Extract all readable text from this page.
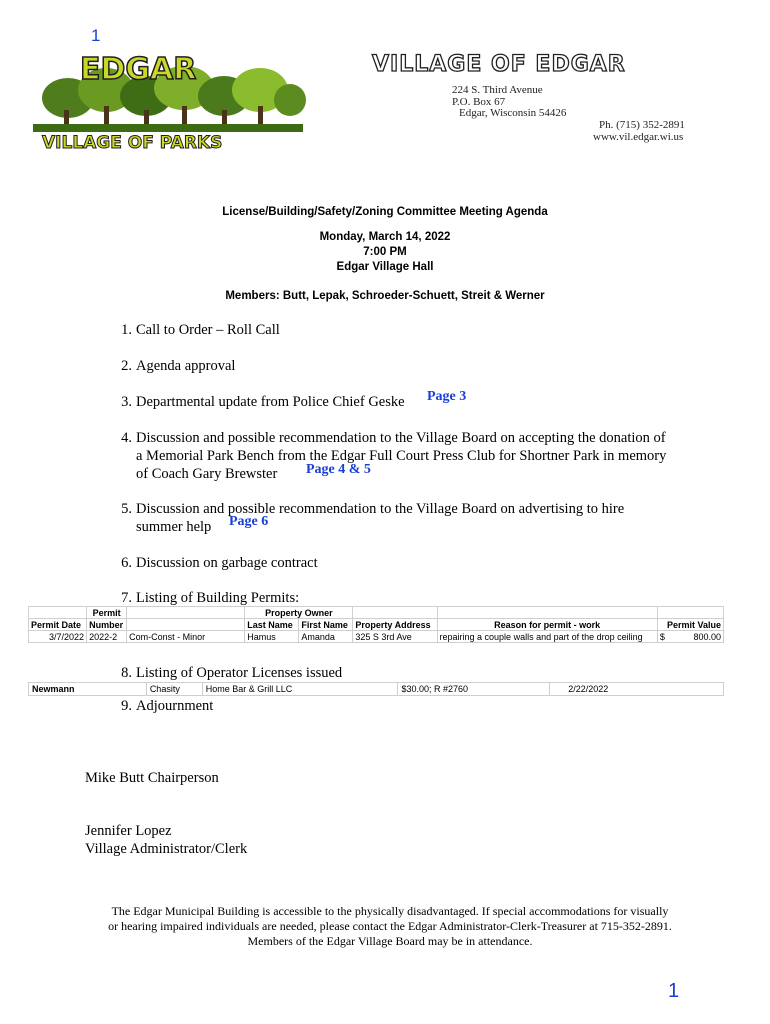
1
EDGAR
VILLAGE OF PARKS
VILLAGE OF EDGAR
224 S. Third Avenue
P.O. Box 67
Edgar, Wisconsin 54426
Ph. (715) 352-2891
www.vil.edgar.wi.us
License/Building/Safety/Zoning Committee Meeting Agenda
Monday, March 14, 2022
7:00 PM
Edgar Village Hall
Members: Butt, Lepak, Schroeder-Schuett, Streit & Werner
1. Call to Order – Roll Call
2. Agenda approval
3. Departmental update from Police Chief Geske Page 3
4. Discussion and possible recommendation to the Village Board on accepting the donation of
a Memorial Park Bench from the Edgar Full Court Press Club for Shortner Park in memory
of Coach Gary Brewster Page 4 & 5
5. Discussion and possible recommendation to the Village Board on advertising to hire
summer help Page 6
6. Discussion on garbage contract
7. Listing of Building Permits:
	Permit		Property Owner				
Permit Date	Number		Last Name	First Name	Property Address	Reason for permit - work	Permit Value
3/7/2022	2022-2	Com-Const - Minor	Hamus	Amanda	325 S 3rd Ave	repairing a couple walls and part of the drop ceiling	$ 800.00
8. Listing of Operator Licenses issued
Newmann	Chasity	Home Bar & Grill LLC	$30.00; R #2760	2/22/2022
9. Adjournment
Mike Butt Chairperson
Jennifer Lopez
Village Administrator/Clerk
The Edgar Municipal Building is accessible to the physically disadvantaged. If special accommodations for visually
or hearing impaired individuals are needed, please contact the Edgar Administrator-Clerk-Treasurer at 715-352-2891.
Members of the Edgar Village Board may be in attendance.
1
